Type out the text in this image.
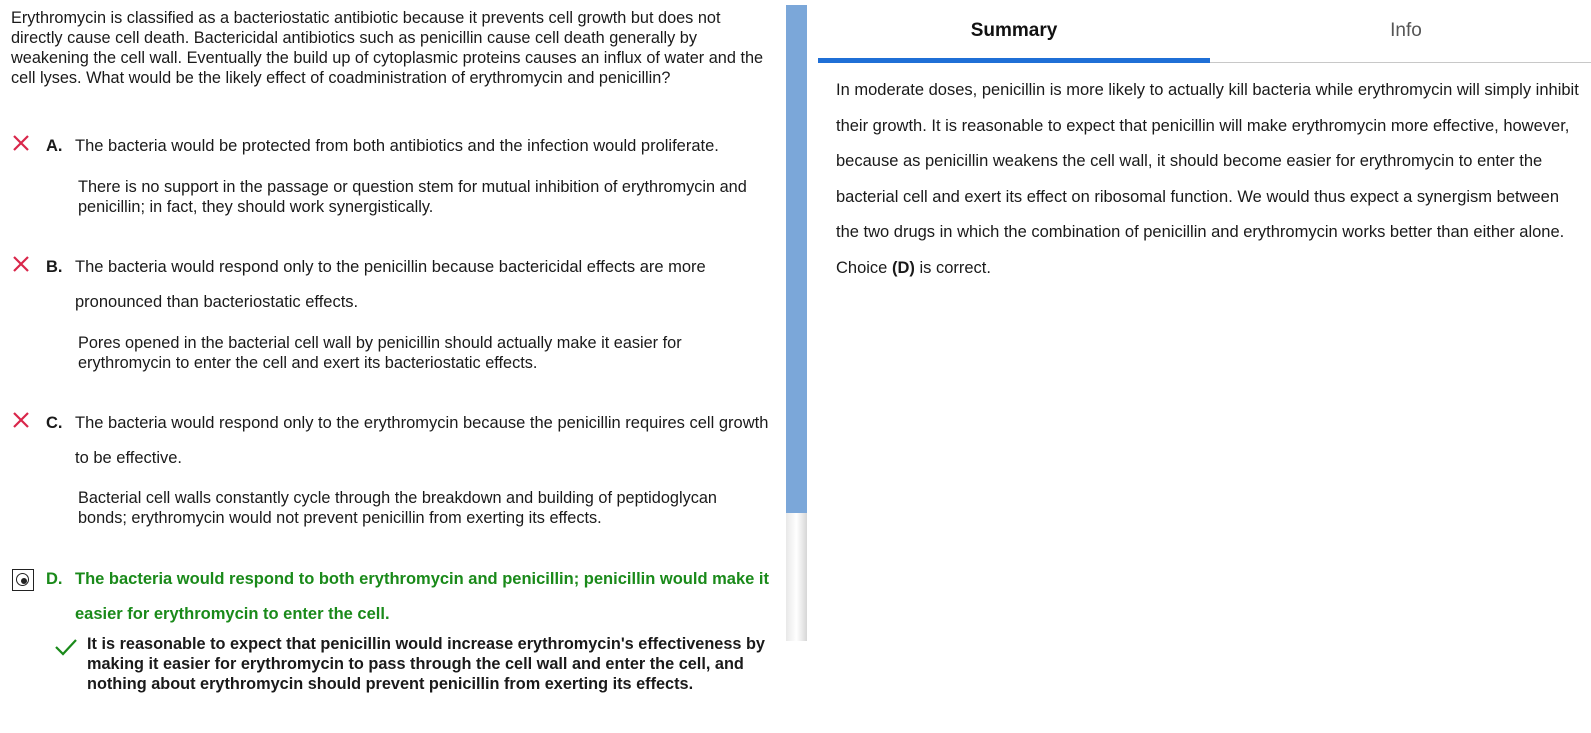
Erythromycin is classified as a bacteriostatic antibiotic because it prevents cell growth but does not directly cause cell death. Bactericidal antibiotics such as penicillin cause cell death generally by weakening the cell wall. Eventually the build up of cytoplasmic proteins causes an influx of water and the cell lyses. What would be the likely effect of coadministration of erythromycin and penicillin?
A. The bacteria would be protected from both antibiotics and the infection would proliferate.
There is no support in the passage or question stem for mutual inhibition of erythromycin and penicillin; in fact, they should work synergistically.
B. The bacteria would respond only to the penicillin because bactericidal effects are more pronounced than bacteriostatic effects.
Pores opened in the bacterial cell wall by penicillin should actually make it easier for erythromycin to enter the cell and exert its bacteriostatic effects.
C. The bacteria would respond only to the erythromycin because the penicillin requires cell growth to be effective.
Bacterial cell walls constantly cycle through the breakdown and building of peptidoglycan bonds; erythromycin would not prevent penicillin from exerting its effects.
D. The bacteria would respond to both erythromycin and penicillin; penicillin would make it easier for erythromycin to enter the cell.
It is reasonable to expect that penicillin would increase erythromycin's effectiveness by making it easier for erythromycin to pass through the cell wall and enter the cell, and nothing about erythromycin should prevent penicillin from exerting its effects.
Summary	Info
In moderate doses, penicillin is more likely to actually kill bacteria while erythromycin will simply inhibit their growth. It is reasonable to expect that penicillin will make erythromycin more effective, however, because as penicillin weakens the cell wall, it should become easier for erythromycin to enter the bacterial cell and exert its effect on ribosomal function. We would thus expect a synergism between the two drugs in which the combination of penicillin and erythromycin works better than either alone. Choice (D) is correct.
